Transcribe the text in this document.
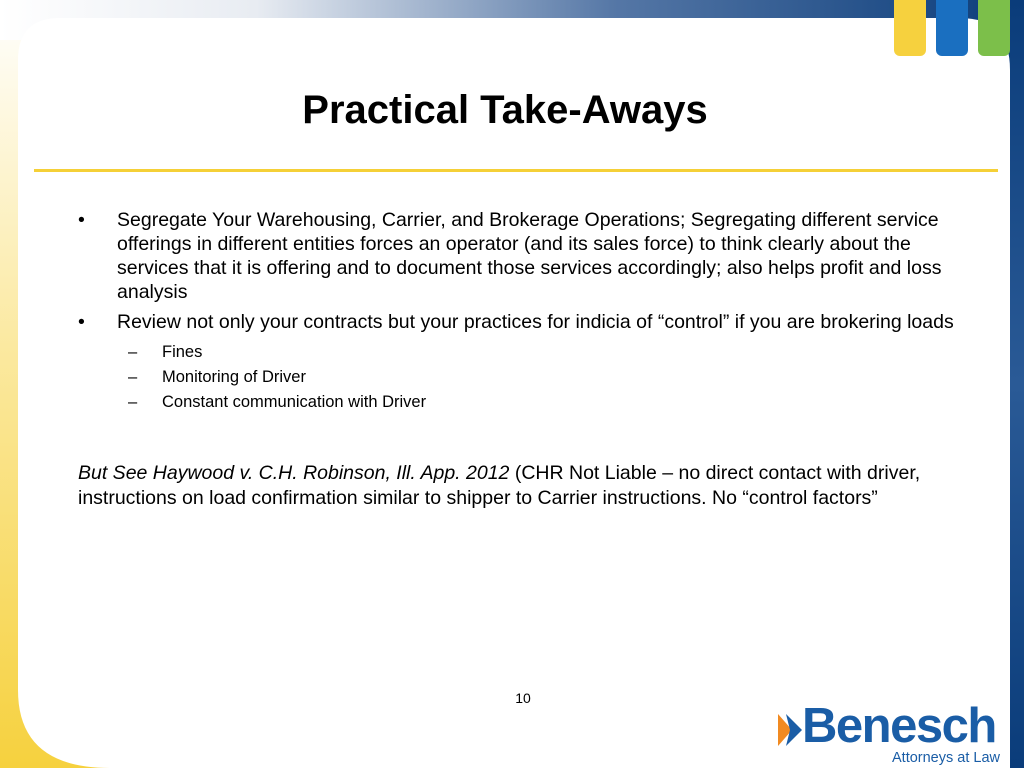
Practical Take-Aways
•	Segregate Your Warehousing, Carrier, and Brokerage Operations; Segregating different service offerings in different entities forces an operator (and its sales force) to think clearly about the services that it is offering and to document those services accordingly; also helps profit and loss analysis
•	Review not only your contracts but your practices for indicia of “control” if you are brokering loads
– Fines
– Monitoring of Driver
– Constant communication with Driver
But See Haywood v. C.H. Robinson, Ill. App. 2012 (CHR Not Liable – no direct contact with driver, instructions on load confirmation similar to shipper to Carrier instructions. No “control factors”
10
Benesch
Attorneys at Law
